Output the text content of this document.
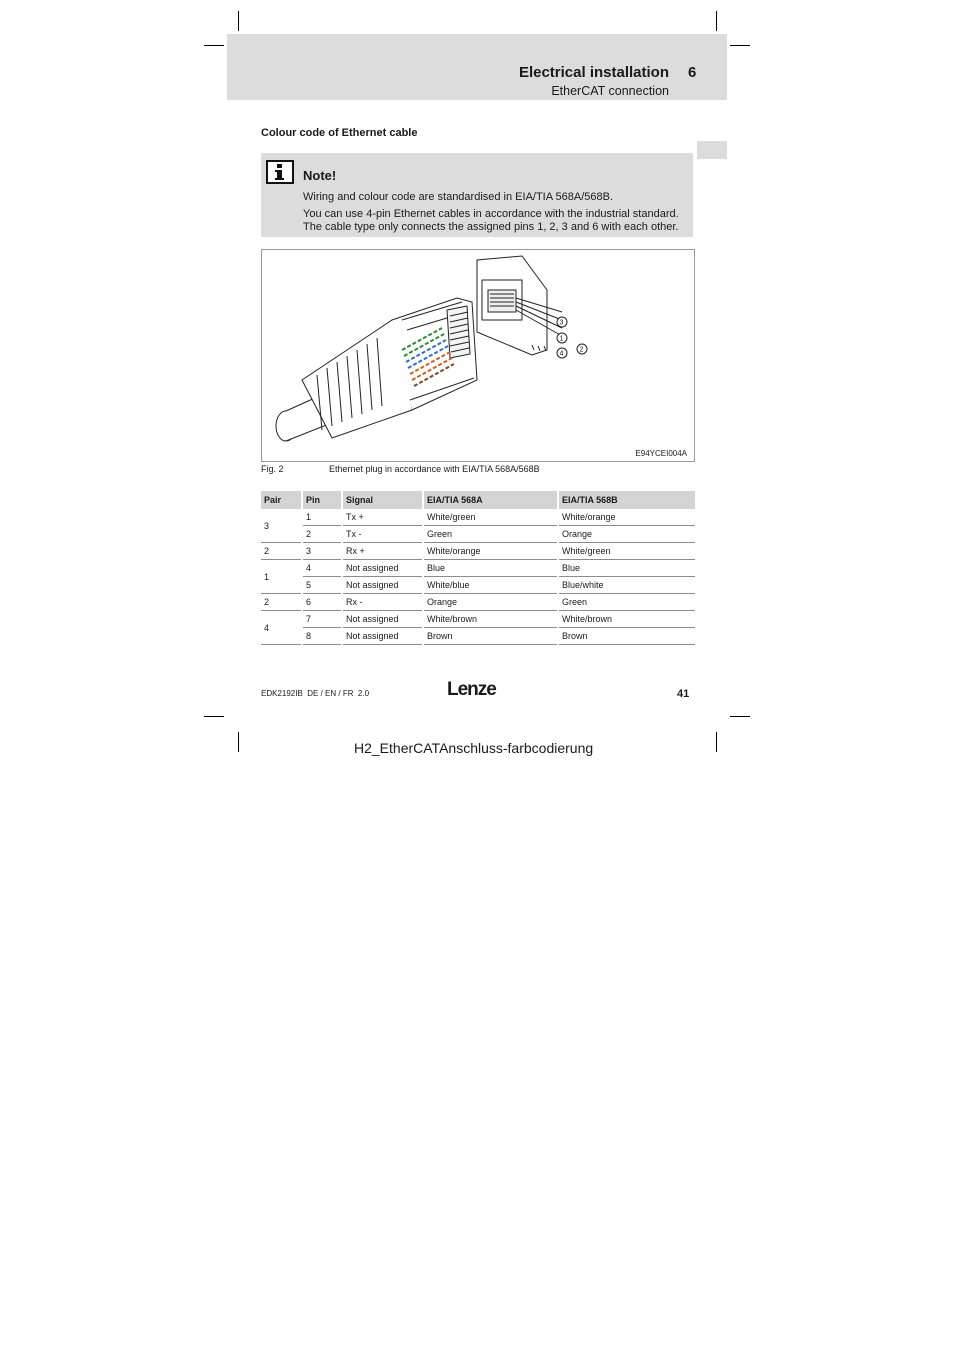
Electrical installation 6
EtherCAT connection
Colour code of Ethernet cable
Note!
Wiring and colour code are standardised in EIA/TIA 568A/568B.
You can use 4-pin Ethernet cables in accordance with the industrial standard.
The cable type only connects the assigned pins 1, 2, 3 and 6 with each other.
3
1
2
4
E94YCEI004A
Fig. 2	Ethernet plug in accordance with EIA/TIA 568A/568B
Pair	Pin	Signal	EIA/TIA 568A	EIA/TIA 568B
3	1	Tx +	White/green	White/orange
	2	Tx -	Green	Orange
2	3	Rx +	White/orange	White/green
1	4	Not assigned	Blue	Blue
	5	Not assigned	White/blue	Blue/white
2	6	Rx -	Orange	Green
4	7	Not assigned	White/brown	White/brown
	8	Not assigned	Brown	Brown
EDK2192IB  DE / EN / FR  2.0	Lenze	41
H2_EtherCATAnschluss-farbcodierung
